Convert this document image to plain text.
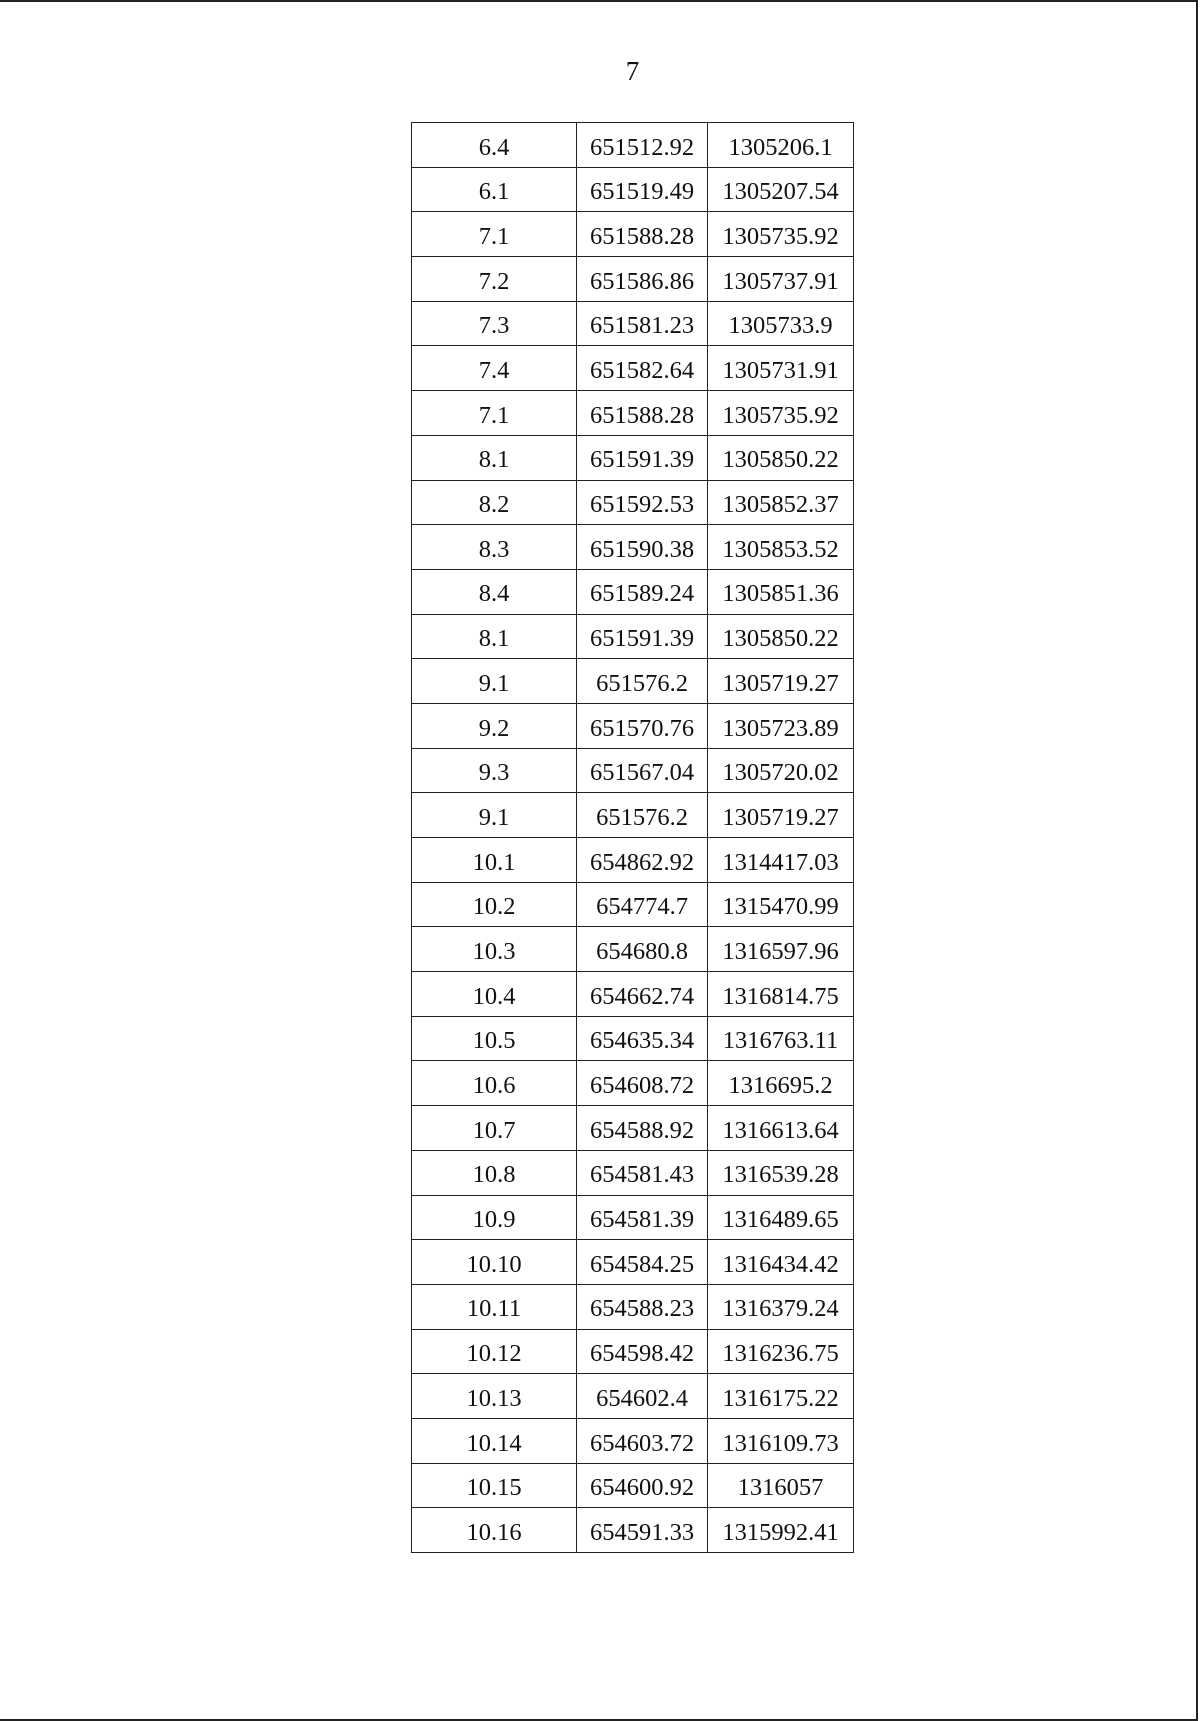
7
6.4	651512.92	1305206.1
6.1	651519.49	1305207.54
7.1	651588.28	1305735.92
7.2	651586.86	1305737.91
7.3	651581.23	1305733.9
7.4	651582.64	1305731.91
7.1	651588.28	1305735.92
8.1	651591.39	1305850.22
8.2	651592.53	1305852.37
8.3	651590.38	1305853.52
8.4	651589.24	1305851.36
8.1	651591.39	1305850.22
9.1	651576.2	1305719.27
9.2	651570.76	1305723.89
9.3	651567.04	1305720.02
9.1	651576.2	1305719.27
10.1	654862.92	1314417.03
10.2	654774.7	1315470.99
10.3	654680.8	1316597.96
10.4	654662.74	1316814.75
10.5	654635.34	1316763.11
10.6	654608.72	1316695.2
10.7	654588.92	1316613.64
10.8	654581.43	1316539.28
10.9	654581.39	1316489.65
10.10	654584.25	1316434.42
10.11	654588.23	1316379.24
10.12	654598.42	1316236.75
10.13	654602.4	1316175.22
10.14	654603.72	1316109.73
10.15	654600.92	1316057
10.16	654591.33	1315992.41
